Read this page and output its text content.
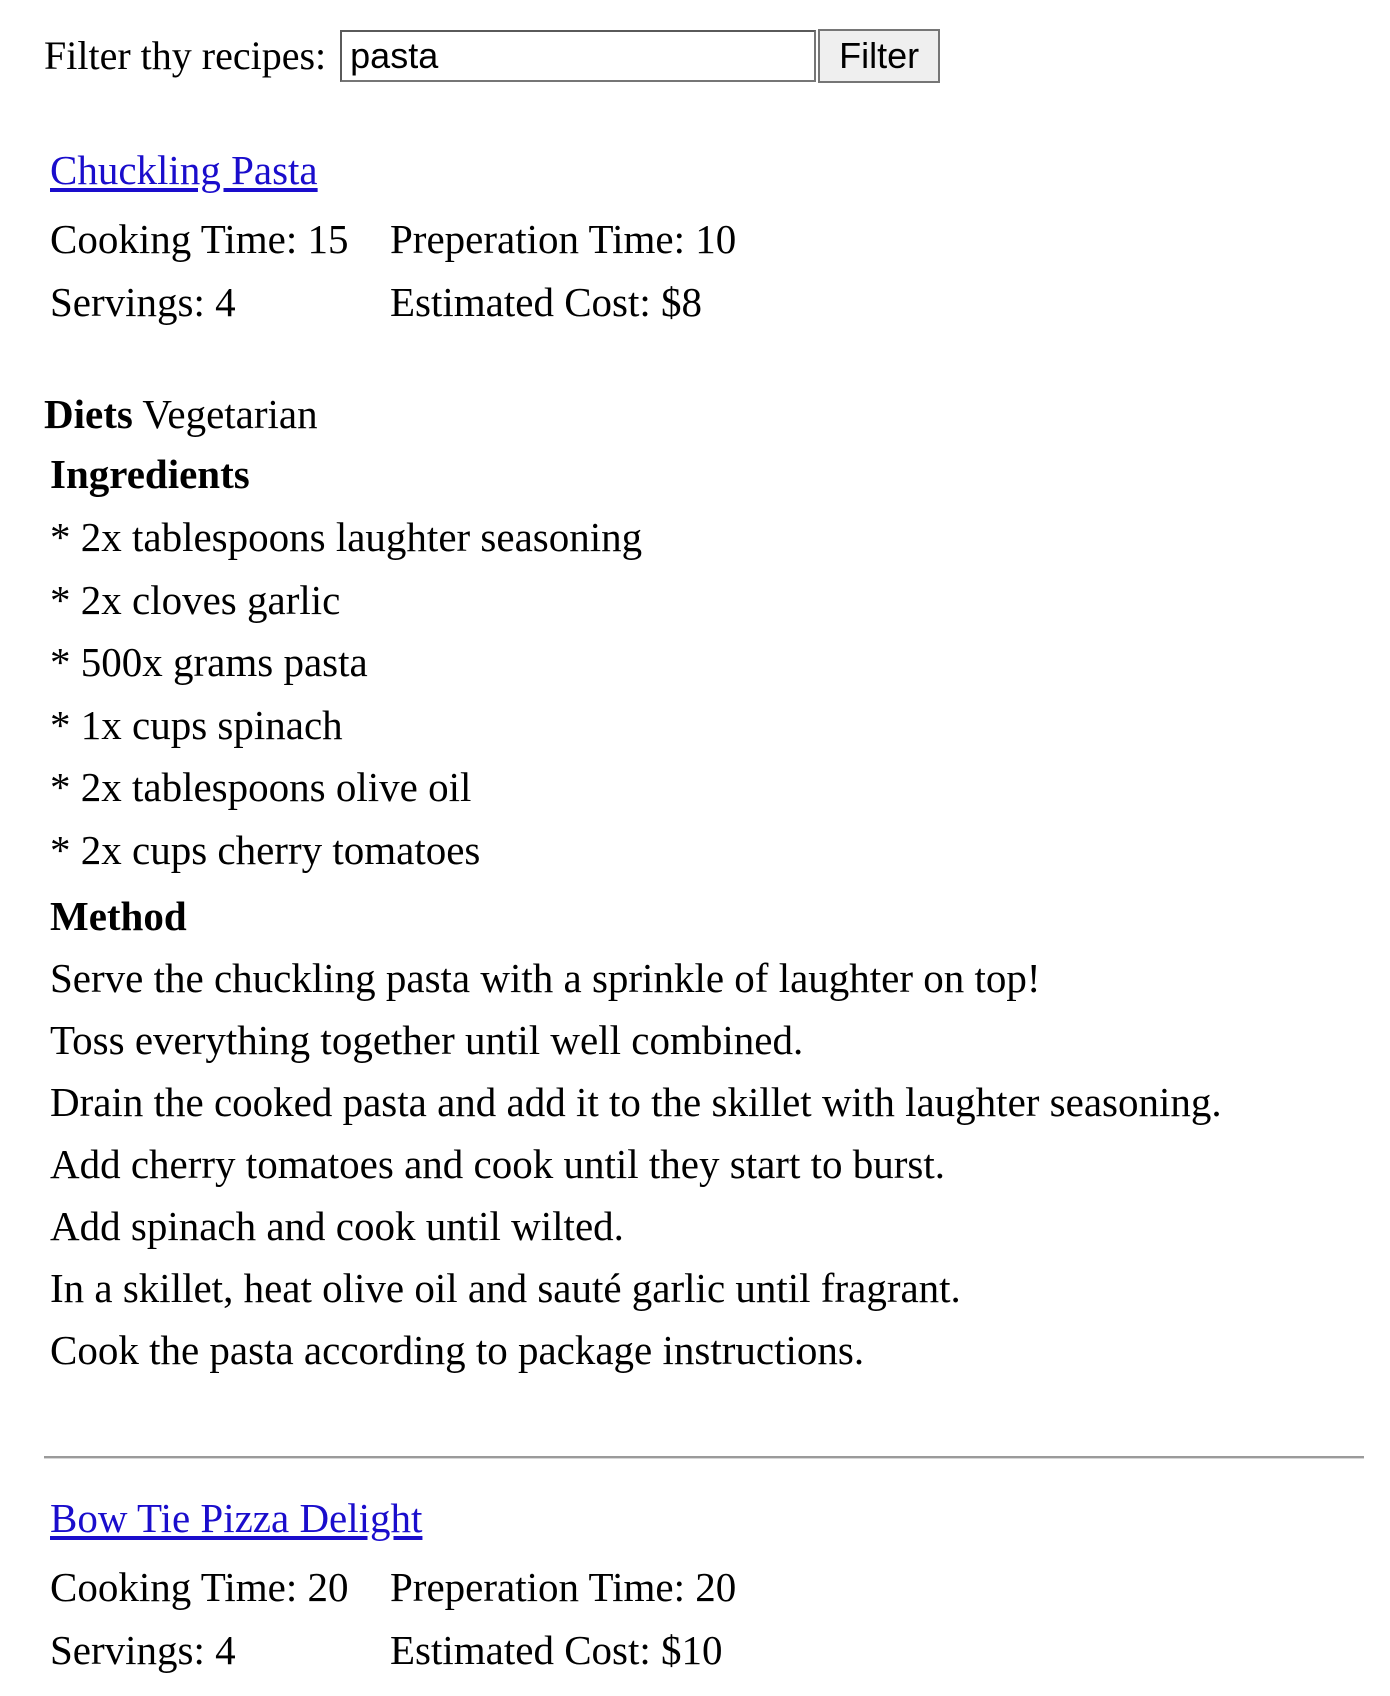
Filter thy recipes:
pasta	Filter
Chuckling Pasta
Cooking Time: 15 Preperation Time: 10
Servings: 4	Estimated Cost: $8
Diets Vegetarian
Ingredients
* 2x tablespoons laughter seasoning
* 2x cloves garlic
* 500x grams pasta
* 1x cups spinach
* 2x tablespoons olive oil
* 2x cups cherry tomatoes
Method
Serve the chuckling pasta with a sprinkle of laughter on top!
Toss everything together until well combined.
Drain the cooked pasta and add it to the skillet with laughter seasoning.
Add cherry tomatoes and cook until they start to burst.
Add spinach and cook until wilted.
In a skillet, heat olive oil and sauté garlic until fragrant.
Cook the pasta according to package instructions.
Bow Tie Pizza Delight
Cooking Time: 20 Preperation Time: 20
Servings: 4	Estimated Cost: $10
